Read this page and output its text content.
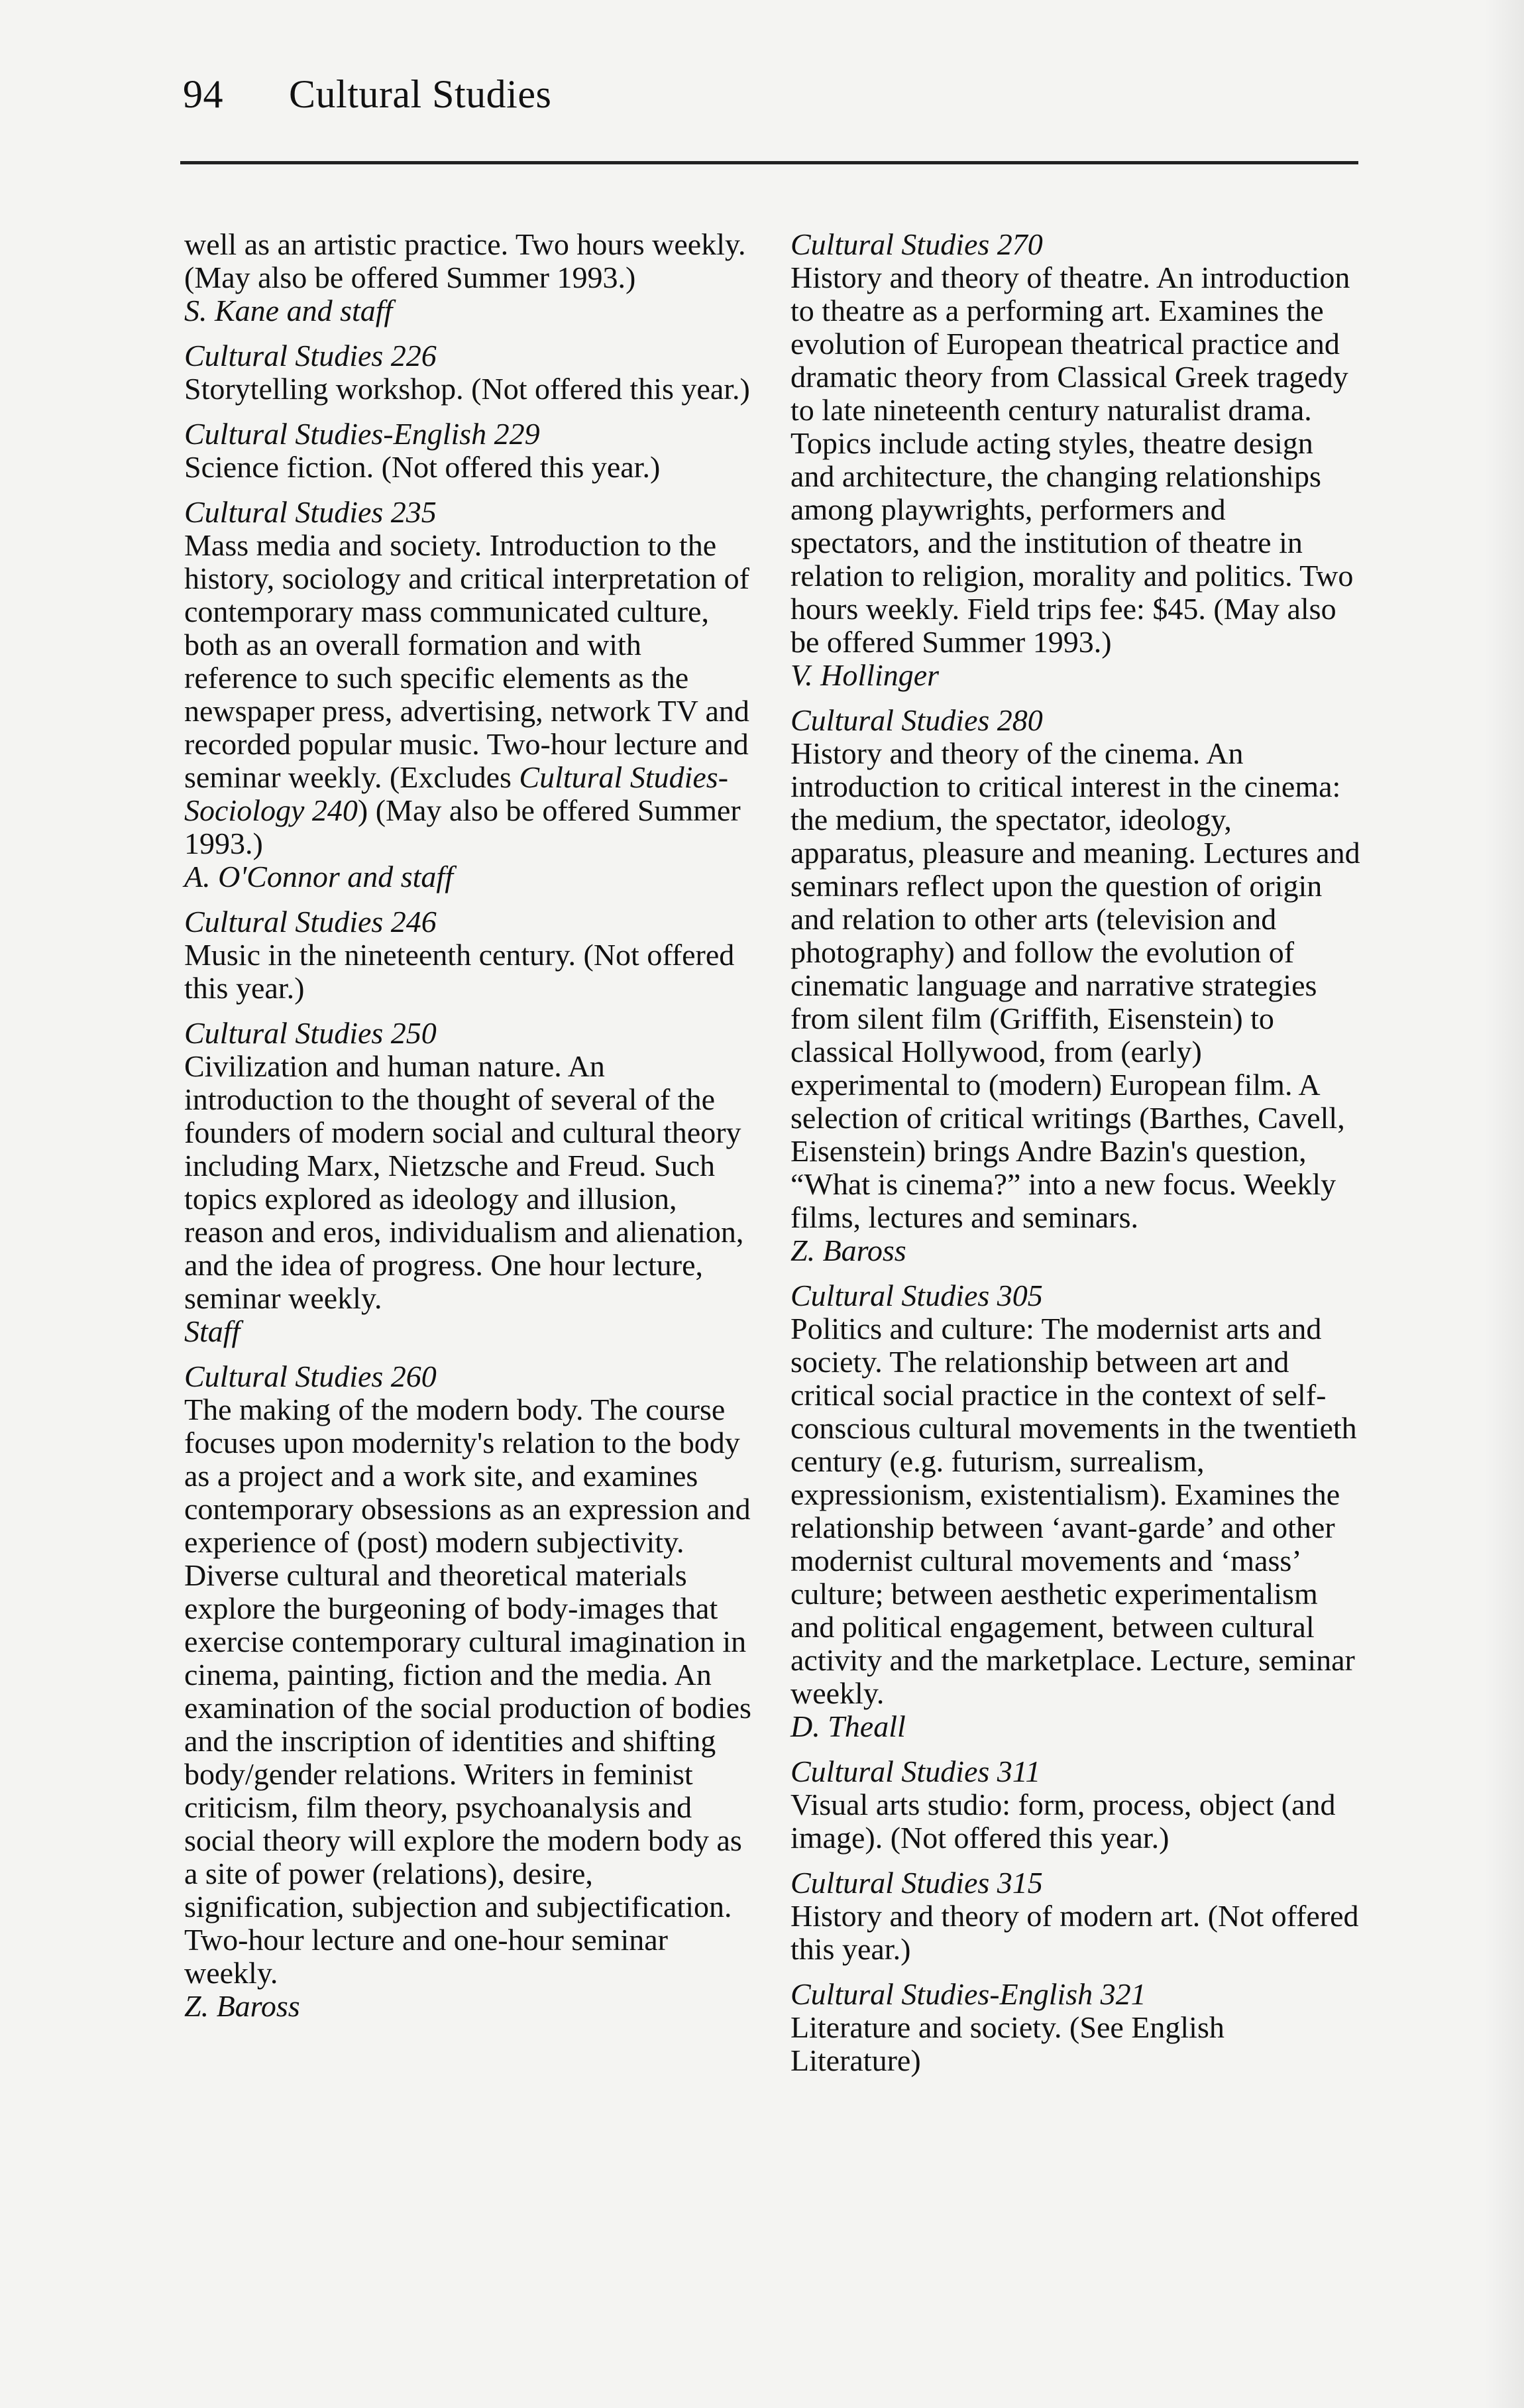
94 Cultural Studies
well as an artistic practice. Two hours weekly. (May also be offered Summer 1993.)
S. Kane and staff
Cultural Studies 226
Storytelling workshop. (Not offered this year.)
Cultural Studies-English 229
Science fiction. (Not offered this year.)
Cultural Studies 235
Mass media and society. Introduction to the history, sociology and critical interpretation of contemporary mass communicated culture, both as an overall formation and with reference to such specific elements as the newspaper press, advertising, network TV and recorded popular music. Two-hour lecture and seminar weekly. (Excludes Cultural Studies-Sociology 240) (May also be offered Summer 1993.)
A. O'Connor and staff
Cultural Studies 246
Music in the nineteenth century. (Not offered this year.)
Cultural Studies 250
Civilization and human nature. An introduction to the thought of several of the founders of modern social and cultural theory including Marx, Nietzsche and Freud. Such topics explored as ideology and illusion, reason and eros, individualism and alienation, and the idea of progress. One hour lecture, seminar weekly.
Staff
Cultural Studies 260
The making of the modern body. The course focuses upon modernity's relation to the body as a project and a work site, and examines contemporary obsessions as an expression and experience of (post) modern subjectivity. Diverse cultural and theoretical materials explore the burgeoning of body-images that exercise contemporary cultural imagination in cinema, painting, fiction and the media. An examination of the social production of bodies and the inscription of identities and shifting body/gender relations. Writers in feminist criticism, film theory, psychoanalysis and social theory will explore the modern body as a site of power (relations), desire, signification, subjection and subjectification. Two-hour lecture and one-hour seminar weekly.
Z. Baross
Cultural Studies 270
History and theory of theatre. An introduction to theatre as a performing art. Examines the evolution of European theatrical practice and dramatic theory from Classical Greek tragedy to late nineteenth century naturalist drama. Topics include acting styles, theatre design and architecture, the changing relationships among playwrights, performers and spectators, and the institution of theatre in relation to religion, morality and politics. Two hours weekly. Field trips fee: $45. (May also be offered Summer 1993.)
V. Hollinger
Cultural Studies 280
History and theory of the cinema. An introduction to critical interest in the cinema: the medium, the spectator, ideology, apparatus, pleasure and meaning. Lectures and seminars reflect upon the question of origin and relation to other arts (television and photography) and follow the evolution of cinematic language and narrative strategies from silent film (Griffith, Eisenstein) to classical Hollywood, from (early) experimental to (modern) European film. A selection of critical writings (Barthes, Cavell, Eisenstein) brings Andre Bazin's question, “What is cinema?” into a new focus. Weekly films, lectures and seminars.
Z. Baross
Cultural Studies 305
Politics and culture: The modernist arts and society. The relationship between art and critical social practice in the context of self-conscious cultural movements in the twentieth century (e.g. futurism, surrealism, expressionism, existentialism). Examines the relationship between ‘avant-garde’ and other modernist cultural movements and ‘mass’ culture; between aesthetic experimentalism and political engagement, between cultural activity and the marketplace. Lecture, seminar weekly.
D. Theall
Cultural Studies 311
Visual arts studio: form, process, object (and image). (Not offered this year.)
Cultural Studies 315
History and theory of modern art. (Not offered this year.)
Cultural Studies-English 321
Literature and society. (See English Literature)
